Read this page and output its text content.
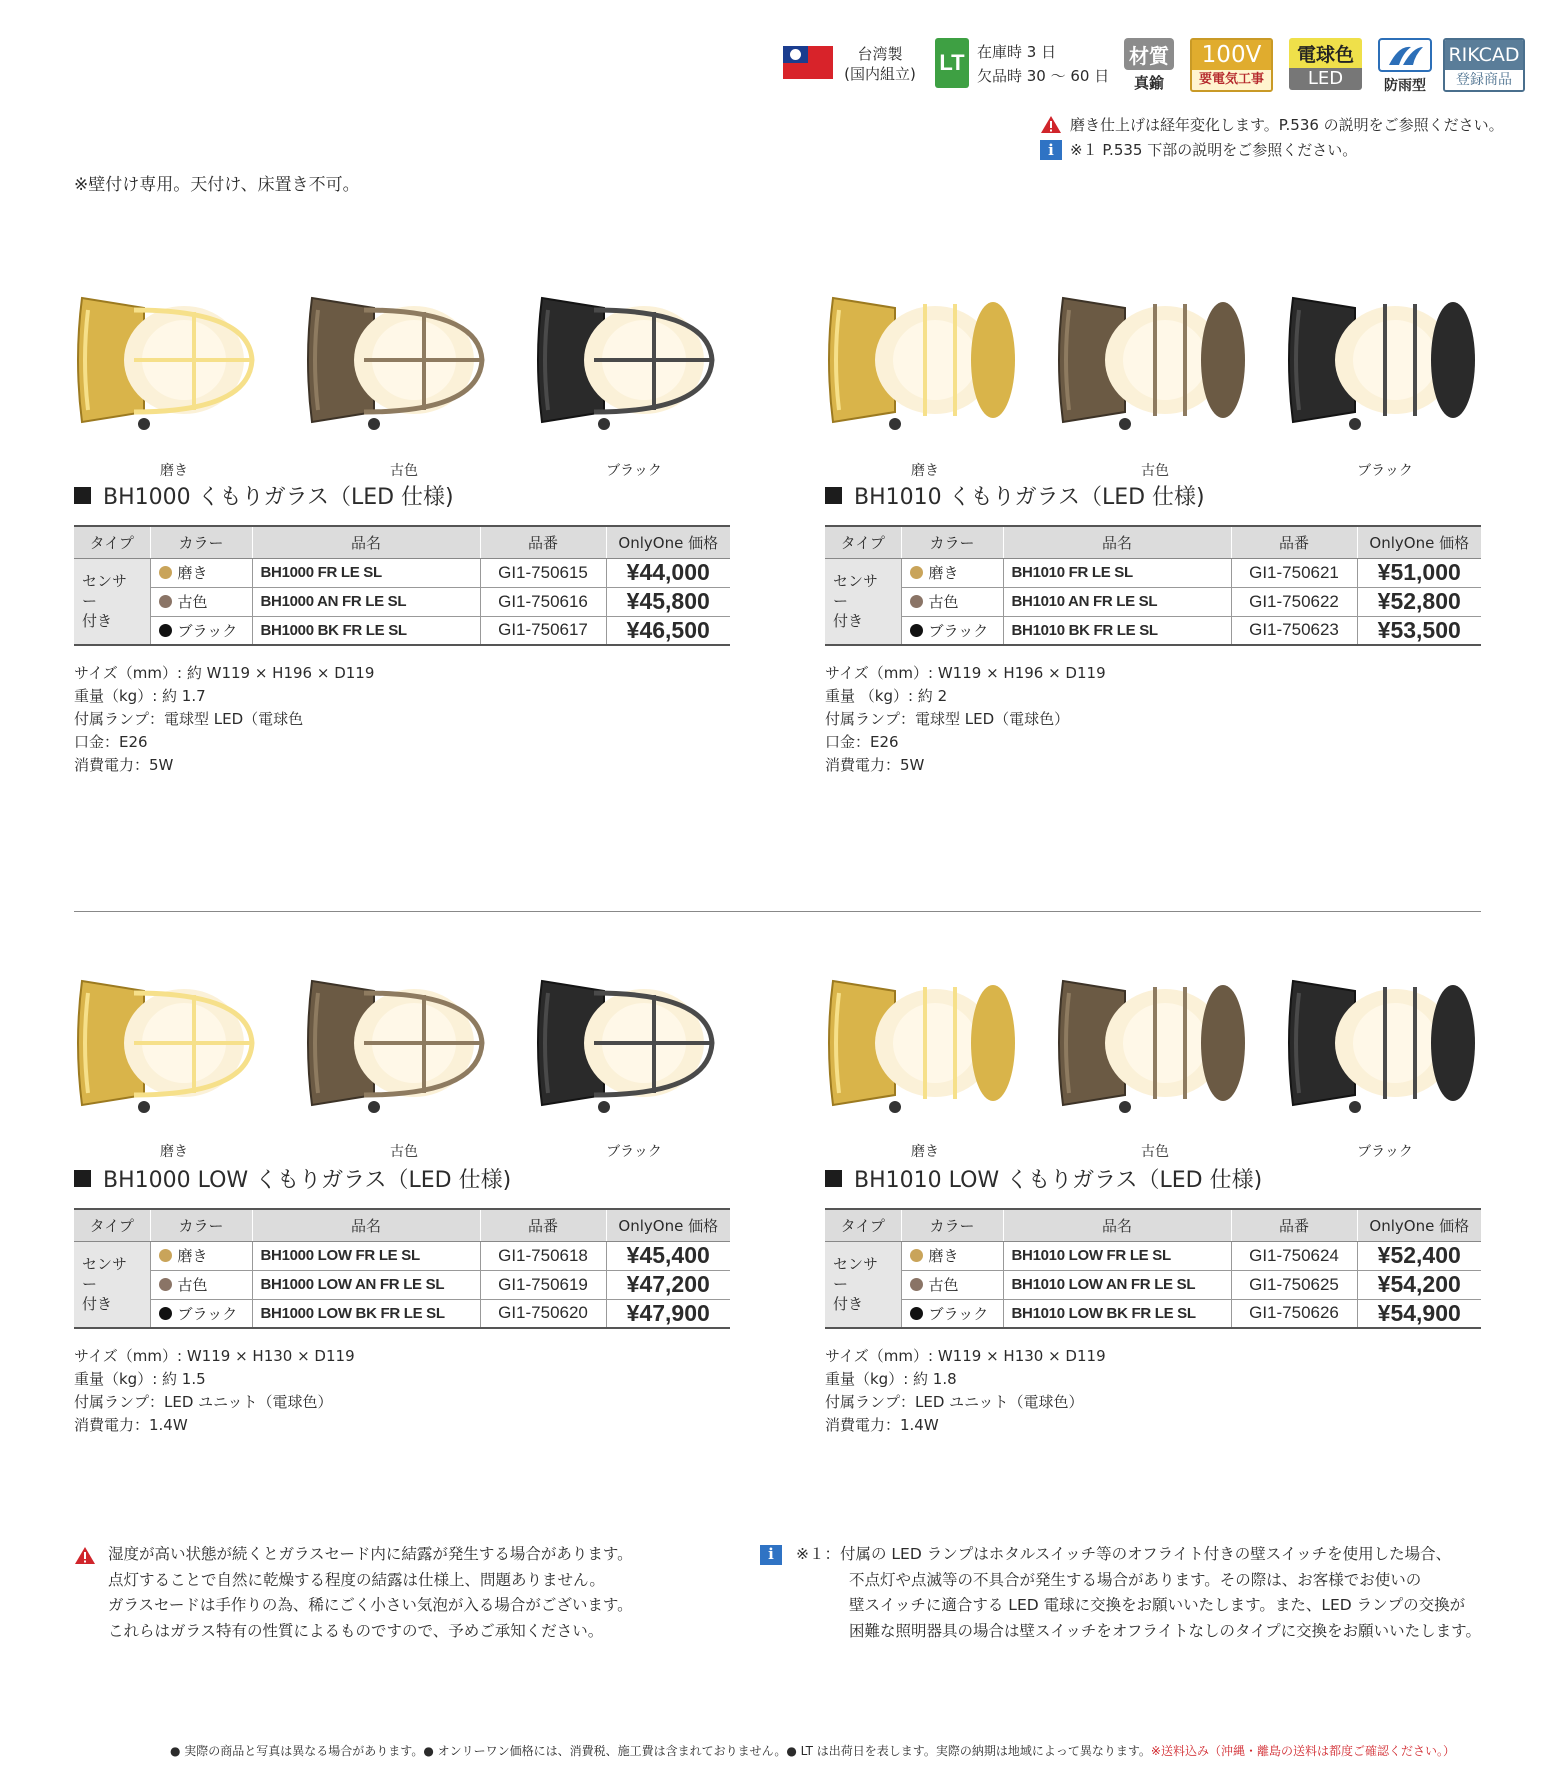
台湾製
(国内組立) LT 在庫時 3 日
欠品時 30 〜 60 日
材質
真鍮
100V
要電気工事
電球色
LED	防雨型
RIKCAD
登録商品
磨き仕上げは経年変化します。P.536 の説明をご参照ください。
i	※１ P.535 下部の説明をご参照ください。
※壁付け専用。天付け、床置き不可。
磨き	古色	ブラック
BH1000 くもりガラス（LED 仕様)
タイプ	カラー	品名	品番	OnlyOne 価格
センサー
付き	磨き	BH1000 FR LE SL	GI1-750615	¥44,000
	古色	BH1000 AN FR LE SL	GI1-750616	¥45,800
	ブラック	BH1000 BK FR LE SL	GI1-750617	¥46,500
サイズ（mm）: 約 W119 × H196 × D119
重量（kg）: 約 1.7
付属ランプ：電球型 LED（電球色
口金：E26
消費電力：5W
磨き	古色	ブラック
BH1010 くもりガラス（LED 仕様)
タイプ	カラー	品名	品番	OnlyOne 価格
センサー
付き	磨き	BH1010 FR LE SL	GI1-750621	¥51,000
	古色	BH1010 AN FR LE SL	GI1-750622	¥52,800
	ブラック	BH1010 BK FR LE SL	GI1-750623	¥53,500
サイズ（mm）: W119 × H196 × D119
重量 （kg）: 約 2
付属ランプ：電球型 LED（電球色）
口金：E26
消費電力：5W
磨き	古色	ブラック
BH1000 LOW くもりガラス（LED 仕様)
タイプ	カラー	品名	品番	OnlyOne 価格
センサー
付き	磨き	BH1000 LOW FR LE SL	GI1-750618	¥45,400
	古色	BH1000 LOW AN FR LE SL	GI1-750619	¥47,200
	ブラック	BH1000 LOW BK FR LE SL	GI1-750620	¥47,900
サイズ（mm）: W119 × H130 × D119
重量（kg）: 約 1.5
付属ランプ：LED ユニット（電球色）
消費電力：1.4W
磨き	古色	ブラック
BH1010 LOW くもりガラス（LED 仕様)
タイプ	カラー	品名	品番	OnlyOne 価格
センサー
付き	磨き	BH1010 LOW FR LE SL	GI1-750624	¥52,400
	古色	BH1010 LOW AN FR LE SL	GI1-750625	¥54,200
	ブラック	BH1010 LOW BK FR LE SL	GI1-750626	¥54,900
サイズ（mm）: W119 × H130 × D119
重量（kg）: 約 1.8
付属ランプ：LED ユニット（電球色）
消費電力：1.4W

湿度が高い状態が続くとガラスセード内に結露が発生する場合があります。

点灯することで自然に乾燥する程度の結露は仕様上、問題ありません。

ガラスセードは手作りの為、稀にごく小さい気泡が入る場合がございます。

これらはガラス特有の性質によるものですので、予めご承知ください。

i	※１：付属の LED ランプはホタルスイッチ等のオフライト付きの壁スイッチを使用した場合、

不点灯や点滅等の不具合が発生する場合があります。その際は、お客様でお使いの

壁スイッチに適合する LED 電球に交換をお願いいたします。また、LED ランプの交換が

困難な照明器具の場合は壁スイッチをオフライトなしのタイプに交換をお願いいたします。

● 実際の商品と写真は異なる場合があります。● オンリーワン価格には、消費税、施工費は含まれておりません。● LT は出荷日を表します。実際の納期は地域によって異なります。※送料込み（沖縄・離島の送料は都度ご確認ください。）
